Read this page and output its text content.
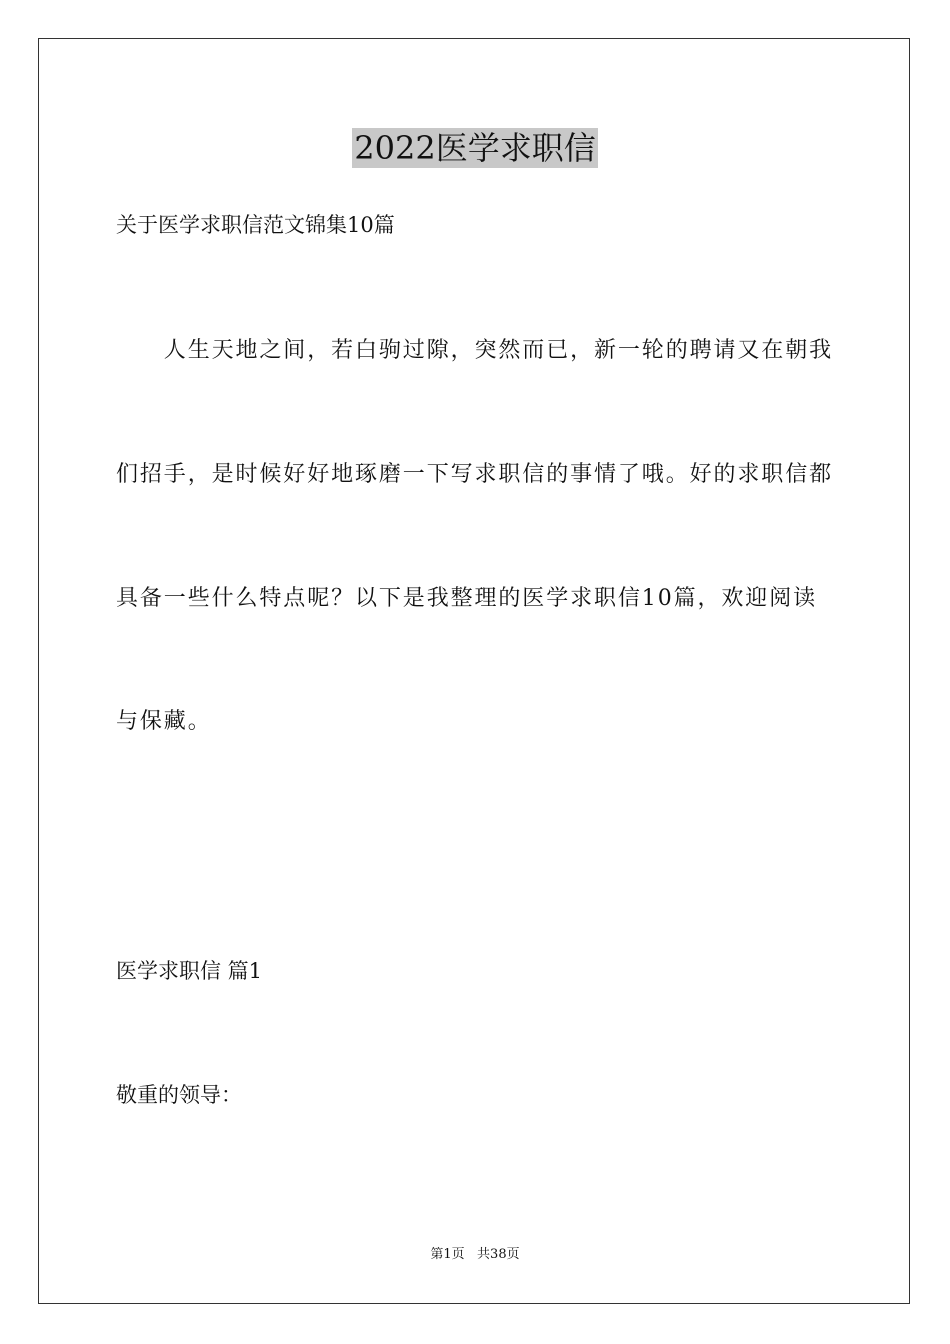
2022医学求职信
关于医学求职信范文锦集10篇
　　人生天地之间，若白驹过隙，突然而已，新一轮的聘请又在朝我
们招手，是时候好好地琢磨一下写求职信的事情了哦。好的求职信都
具备一些什么特点呢？以下是我整理的医学求职信10篇，欢迎阅读
与保藏。
医学求职信 篇1
敬重的领导：
第1页   共38页
